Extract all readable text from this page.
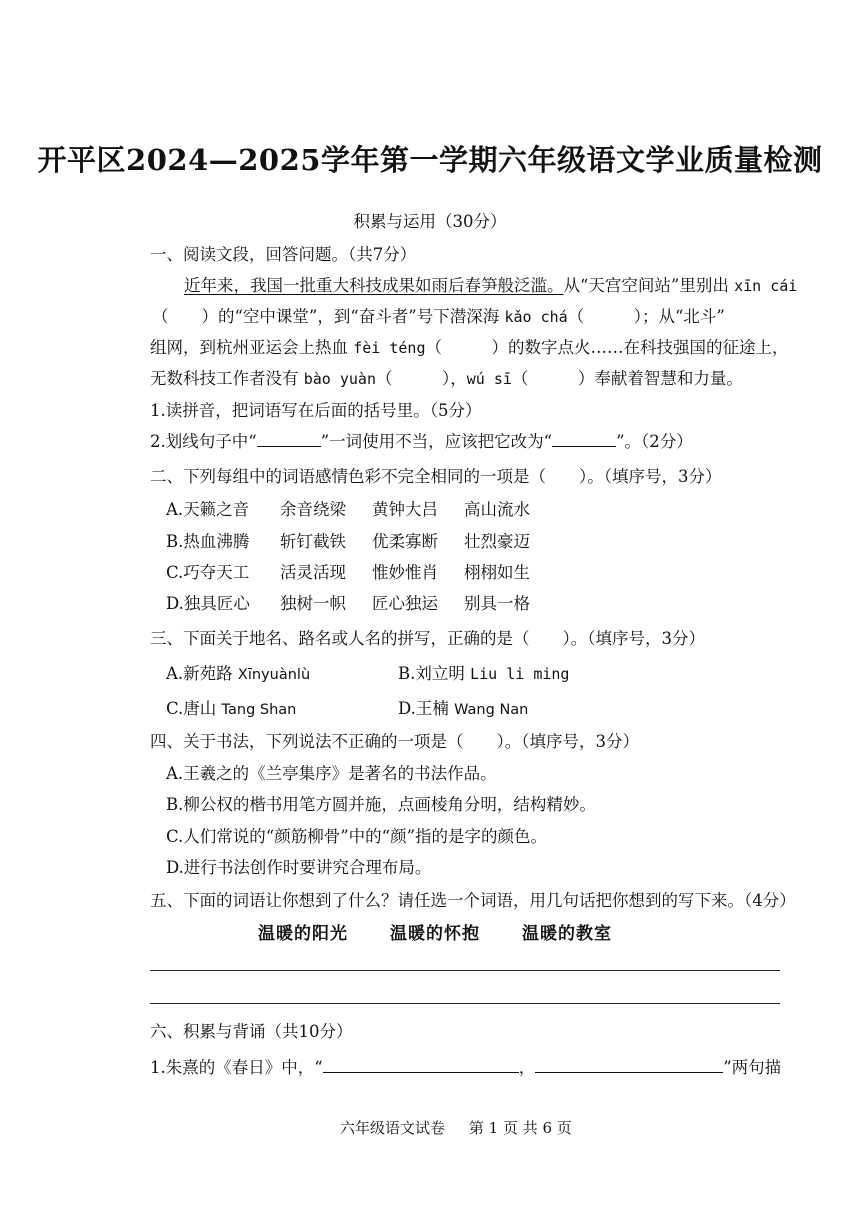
开平区2024—2025学年第一学期六年级语文学业质量检测
积累与运用（30分）
一、阅读文段，回答问题。（共7分）
近年来，我国一批重大科技成果如雨后春笋般泛滥。从“天宫空间站”里别出 xīn cái
（　　）的“空中课堂”，到“奋斗者”号下潜深海 kǎo chá（　　　）；从“北斗”
组网，到杭州亚运会上热血 fèi téng（　　　）的数字点火……在科技强国的征途上，
无数科技工作者没有 bào yuàn（　　　），wú sī（　　　）奉献着智慧和力量。
1.读拼音，把词语写在后面的括号里。（5分）
2.划线句子中“	”一词使用不当，应该把它改为“	”。（2分）
二、下列每组中的词语感情色彩不完全相同的一项是（　　）。（填序号，3分）
A.天籁之音 余音绕梁 黄钟大吕 高山流水
B.热血沸腾 斩钉截铁 优柔寡断 壮烈豪迈
C.巧夺天工 活灵活现 惟妙惟肖 栩栩如生
D.独具匠心 独树一帜 匠心独运 别具一格
三、下面关于地名、路名或人名的拼写，正确的是（　　）。（填序号，3分）
A.新苑路 Xīnyuànlù	B.刘立明 Liu li ming
C.唐山 Tang Shan	D.王楠 Wang Nan
四、关于书法，下列说法不正确的一项是（　　）。（填序号，3分）
A.王羲之的《兰亭集序》是著名的书法作品。
B.柳公权的楷书用笔方圆并施，点画棱角分明，结构精妙。
C.人们常说的“颜筋柳骨”中的“颜”指的是字的颜色。
D.进行书法创作时要讲究合理布局。
五、下面的词语让你想到了什么？请任选一个词语，用几句话把你想到的写下来。（4分）
温暖的阳光 温暖的怀抱 温暖的教室
六、积累与背诵（共10分）
1.朱熹的《春日》中，“	，	”两句描
六年级语文试卷 第 1 页 共 6 页
